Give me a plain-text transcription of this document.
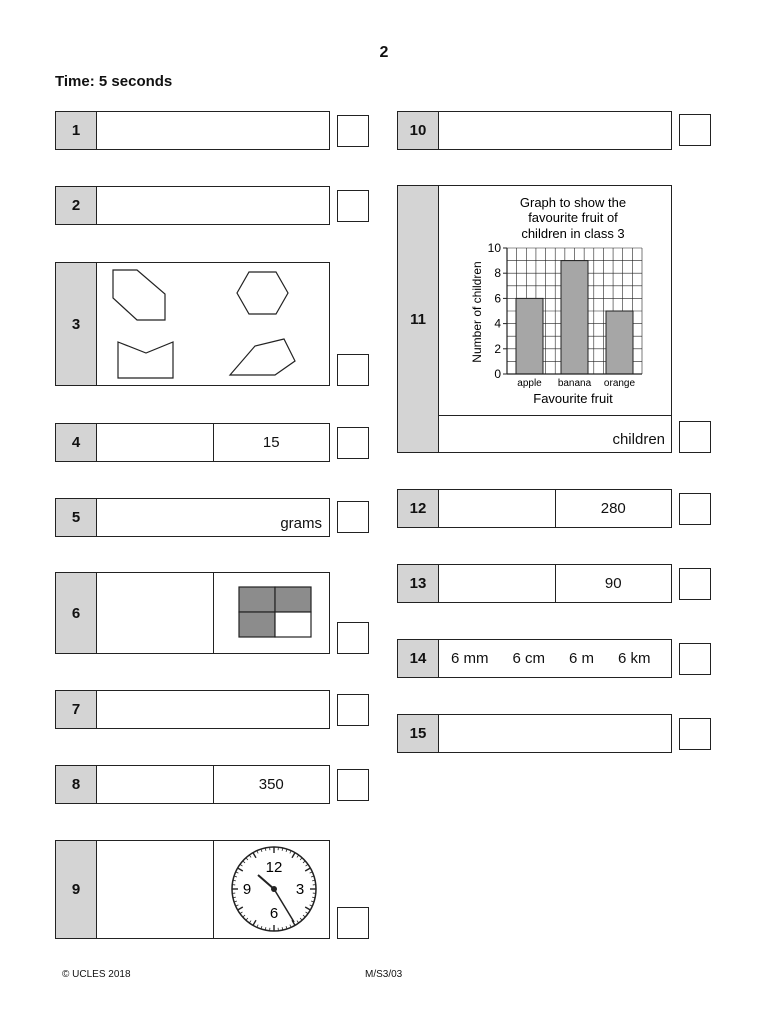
2
Time: 5 seconds
1
2
3
4	15
5	grams
6
7
8	350
9
12
3
6
9
10
11
Graph to show the
favourite fruit of
children in class 3
apple banana orange
0
2
4
6
8
10
Favourite fruit
Number of children
children
12	280
13	90
14	6 mm 6 cm 6 m 6 km
15
© UCLES 2018	M/S3/03
